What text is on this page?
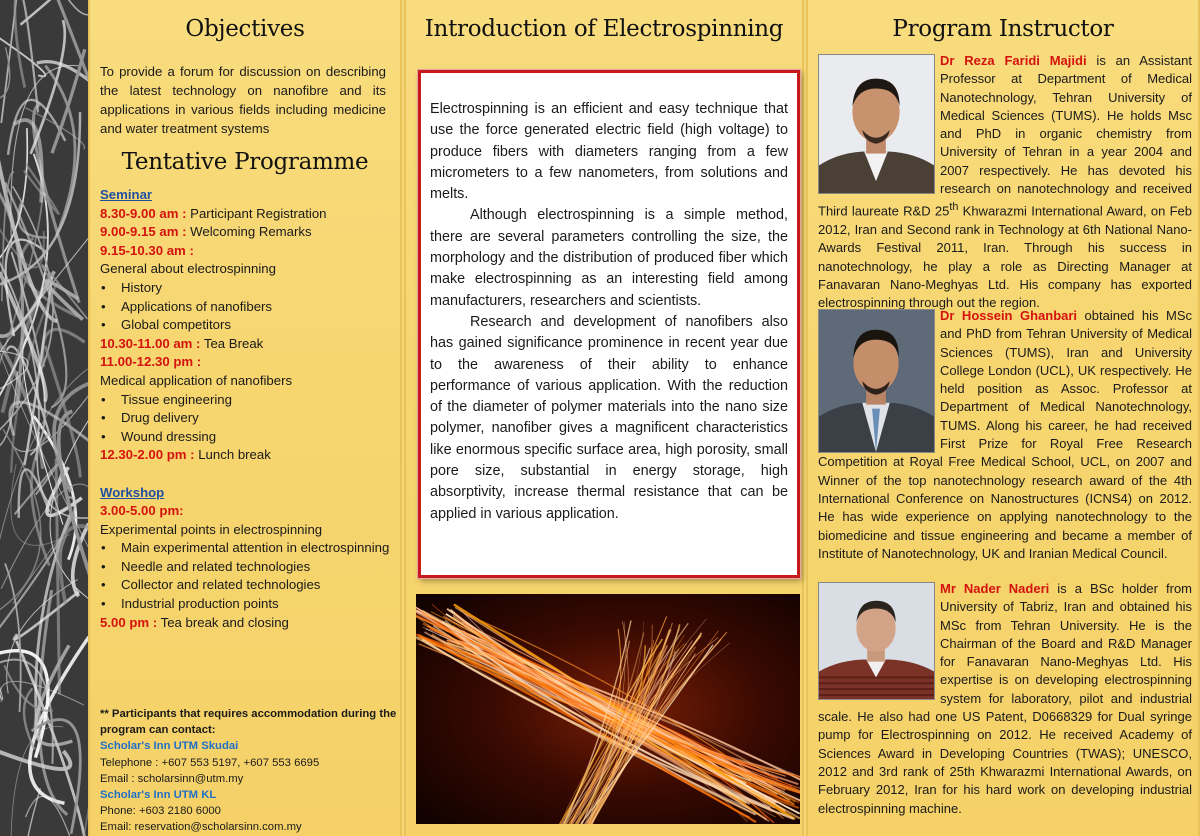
Objectives

To provide a forum for discussion on describing the latest technology on nanofibre and its applications in various fields including medicine and water treatment systems

Tentative Programme
Seminar
8.30-9.00 am : Participant Registration
9.00-9.15 am : Welcoming Remarks
9.15-10.30 am :
General about electrospinning
• History
• Applications of nanofibers
• Global competitors
10.30-11.00 am : Tea Break
11.00-12.30 pm :
Medical application of nanofibers
• Tissue engineering
• Drug delivery
• Wound dressing
12.30-2.00 pm : Lunch break
Workshop
3.00-5.00 pm:
Experimental points in electrospinning
• Main experimental attention in electrospinning
• Needle and related technologies
• Collector and related technologies
• Industrial production points
5.00 pm : Tea break and closing
** Participants that requires accommodation during the program can contact:
Scholar's Inn UTM Skudai
Telephone : +607 553 5197, +607 553 6695
Email : scholarsinn@utm.my
Scholar's Inn UTM KL
Phone: +603 2180 6000
Email: reservation@scholarsinn.com.my
Introduction of Electrospinning

Electrospinning is an efficient and easy technique that use the force generated electric field (high voltage) to produce fibers with diameters ranging from a few micrometers to a few nanometers, from solutions and melts.

Although electrospinning is a simple method, there are several parameters controlling the size, the morphology and the distribution of produced fiber which make electrospinning as an interesting field among manufacturers, researchers and scientists.

Research and development of nanofibers also has gained significance prominence in recent year due to the awareness of their ability to enhance performance of various application. With the reduction of the diameter of polymer materials into the nano size polymer, nanofiber gives a magnificent characteristics like enormous specific surface area, high porosity, small pore size, substantial in energy storage, high absorptivity, increase thermal resistance that can be applied in various application.

Program Instructor
Dr Reza Faridi Majidi is an Assistant Professor at Department of Medical Nanotechnology, Tehran University of Medical Sciences (TUMS). He holds Msc and PhD in organic chemistry from University of Tehran in a year 2004 and 2007 respectively. He has devoted his research on nanotechnology and received Third laureate R&D 25th Khwarazmi International Award, on Feb 2012, Iran and Second rank in Technology at 6th National Nano-Awards Festival 2011, Iran. Through his success in nanotechnology, he play a role as Directing Manager at Fanavaran Nano-Meghyas Ltd. His company has exported electrospinning through out the region.
Dr Hossein Ghanbari obtained his MSc and PhD from Tehran University of Medical Sciences (TUMS), Iran and University College London (UCL), UK respectively. He held position as Assoc. Professor at Department of Medical Nanotechnology, TUMS. Along his career, he had received First Prize for Royal Free Research Competition at Royal Free Medical School, UCL, on 2007 and Winner of the top nanotechnology research award of the 4th International Conference on Nanostructures (ICNS4) on 2012. He has wide experience on applying nanotechnology to the biomedicine and tissue engineering and became a member of Institute of Nanotechnology, UK and Iranian Medical Council.
Mr Nader Naderi is a BSc holder from University of Tabriz, Iran and obtained his MSc from Tehran University. He is the Chairman of the Board and R&D Manager for Fanavaran Nano-Meghyas Ltd. His expertise is on developing electrospinning system for laboratory, pilot and industrial scale. He also had one US Patent, D0668329 for Dual syringe pump for Electrospinning on 2012. He received Academy of Sciences Award in Developing Countries (TWAS); UNESCO, 2012 and 3rd rank of 25th Khwarazmi International Awards, on February 2012, Iran for his hard work on developing industrial electrospinning machine.
